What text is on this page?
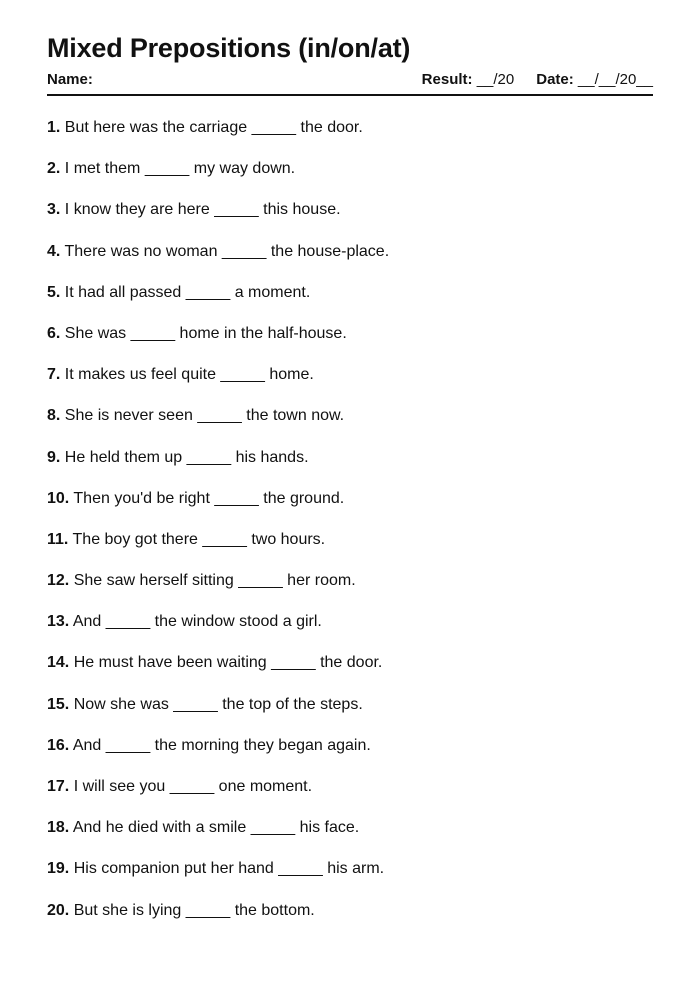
Mixed Prepositions (in/on/at)
Name:	Result:
__/20 Date:
__/__/20__
1. But here was the carriage _____ the door.
2. I met them _____ my way down.
3. I know they are here _____ this house.
4. There was no woman _____ the house-place.
5. It had all passed _____ a moment.
6. She was _____ home in the half-house.
7. It makes us feel quite _____ home.
8. She is never seen _____ the town now.
9. He held them up _____ his hands.
10. Then you'd be right _____ the ground.
11. The boy got there _____ two hours.
12. She saw herself sitting _____ her room.
13. And _____ the window stood a girl.
14. He must have been waiting _____ the door.
15. Now she was _____ the top of the steps.
16. And _____ the morning they began again.
17. I will see you _____ one moment.
18. And he died with a smile _____ his face.
19. His companion put her hand _____ his arm.
20. But she is lying _____ the bottom.
